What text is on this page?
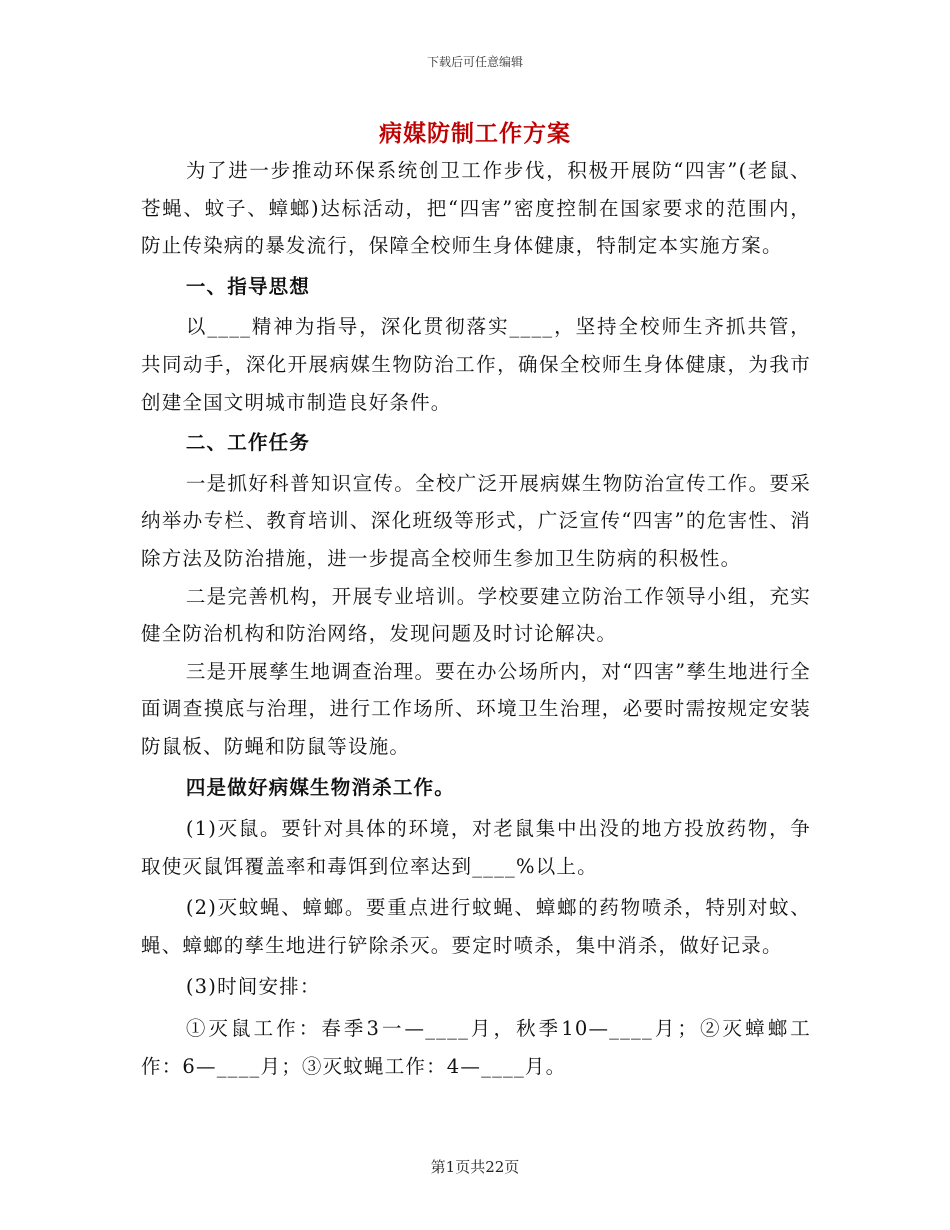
下载后可任意编辑
病媒防制工作方案

为了进一步推动环保系统创卫工作步伐，积极开展防“四害”(老鼠、苍蝇、蚊子、蟑螂)达标活动，把“四害”密度控制在国家要求的范围内，防止传染病的暴发流行，保障全校师生身体健康，特制定本实施方案。

一、指导思想

以____精神为指导，深化贯彻落实____，坚持全校师生齐抓共管，共同动手，深化开展病媒生物防治工作，确保全校师生身体健康，为我市创建全国文明城市制造良好条件。

二、工作任务

一是抓好科普知识宣传。全校广泛开展病媒生物防治宣传工作。要采纳举办专栏、教育培训、深化班级等形式，广泛宣传“四害”的危害性、消除方法及防治措施，进一步提高全校师生参加卫生防病的积极性。

二是完善机构，开展专业培训。学校要建立防治工作领导小组，充实健全防治机构和防治网络，发现问题及时讨论解决。

三是开展孳生地调查治理。要在办公场所内，对“四害”孳生地进行全面调查摸底与治理，进行工作场所、环境卫生治理，必要时需按规定安装防鼠板、防蝇和防鼠等设施。

四是做好病媒生物消杀工作。

(1)灭鼠。要针对具体的环境，对老鼠集中出没的地方投放药物，争取使灭鼠饵覆盖率和毒饵到位率达到____%以上。

(2)灭蚊蝇、蟑螂。要重点进行蚊蝇、蟑螂的药物喷杀，特别对蚊、蝇、蟑螂的孳生地进行铲除杀灭。要定时喷杀，集中消杀，做好记录。

(3)时间安排：

①灭鼠工作：春季3一—____月，秋季10—____月；②灭蟑螂工作：6—____月；③灭蚊蝇工作：4—____月。

第1页共22页
